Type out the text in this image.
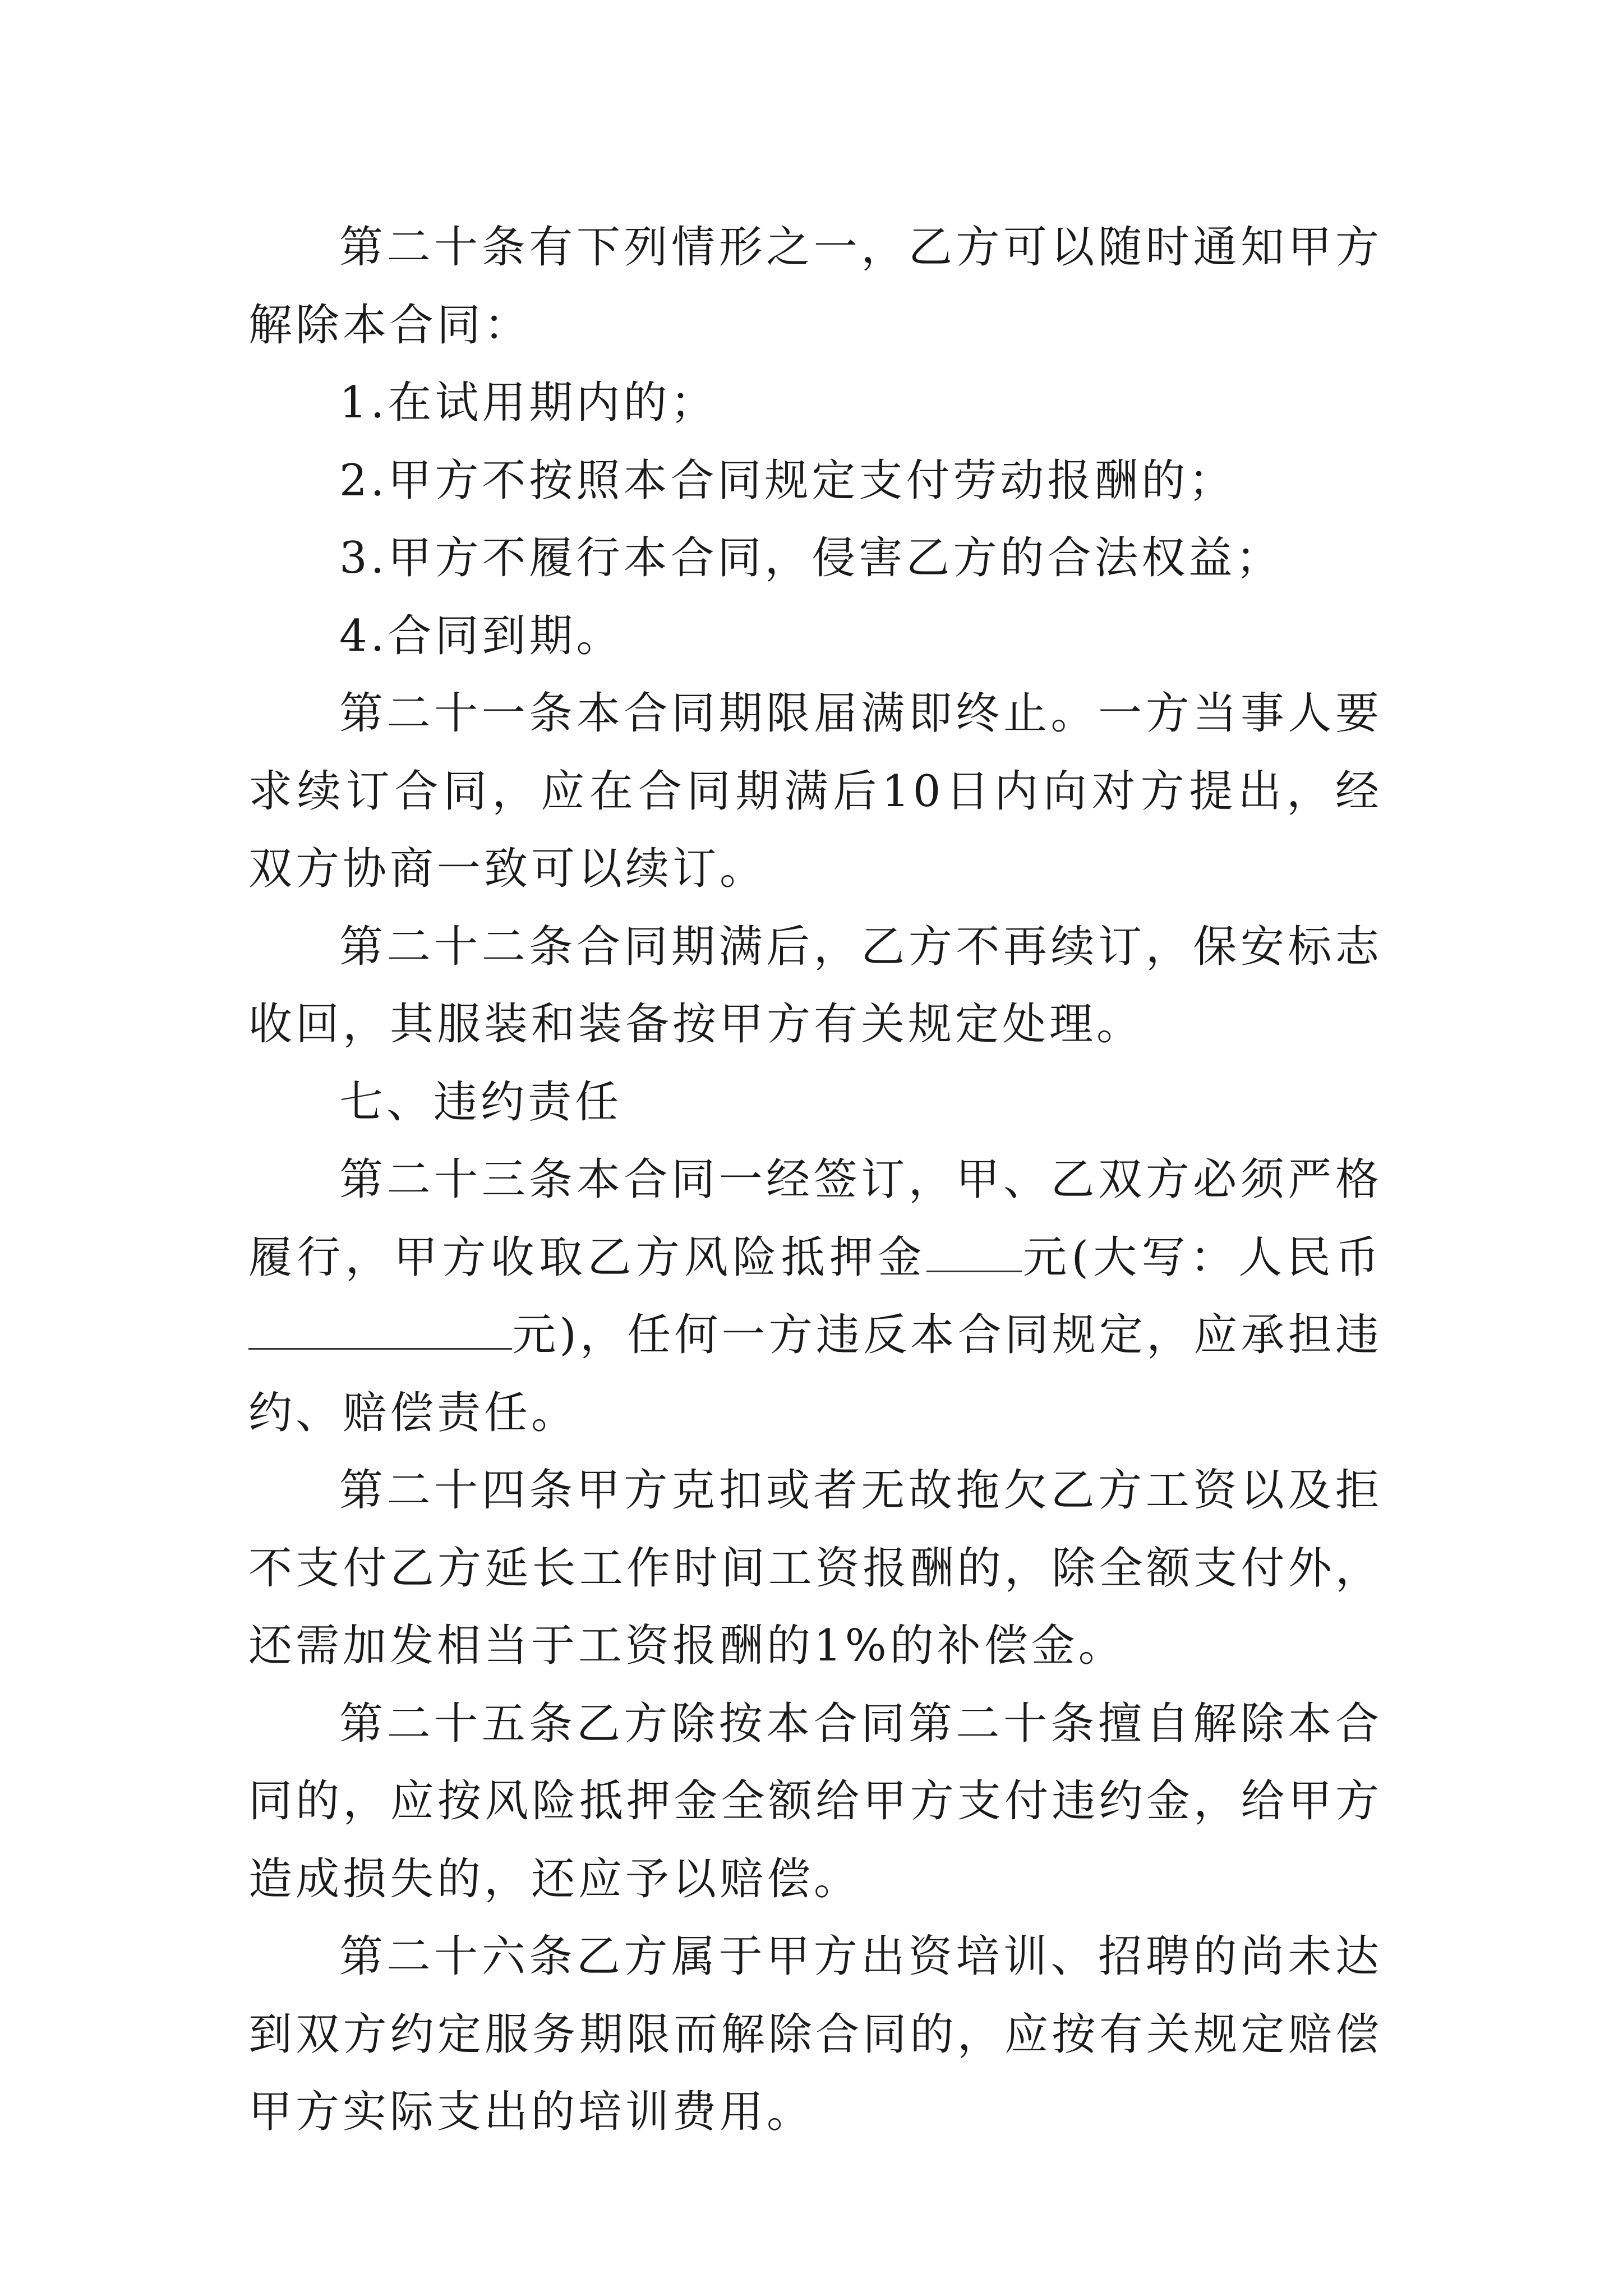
第二十条有下列情形之一，乙方可以随时通知甲方解除本合同：

1.在试用期内的；

2.甲方不按照本合同规定支付劳动报酬的；

3.甲方不履行本合同，侵害乙方的合法权益；

4.合同到期。

第二十一条本合同期限届满即终止。一方当事人要求续订合同，应在合同期满后10日内向对方提出，经双方协商一致可以续订。

第二十二条合同期满后，乙方不再续订，保安标志收回，其服装和装备按甲方有关规定处理。

七、违约责任

第二十三条本合同一经签订，甲、乙双方必须严格履行，甲方收取乙方风险抵押金 元(大写：人民币元)，任何一方违反本合同规定，应承担违约、赔偿责任。

第二十四条甲方克扣或者无故拖欠乙方工资以及拒不支付乙方延长工作时间工资报酬的，除全额支付外，还需加发相当于工资报酬的1%的补偿金。

第二十五条乙方除按本合同第二十条擅自解除本合同的，应按风险抵押金全额给甲方支付违约金，给甲方造成损失的，还应予以赔偿。

第二十六条乙方属于甲方出资培训、招聘的尚未达到双方约定服务期限而解除合同的，应按有关规定赔偿甲方实际支出的培训费用。
